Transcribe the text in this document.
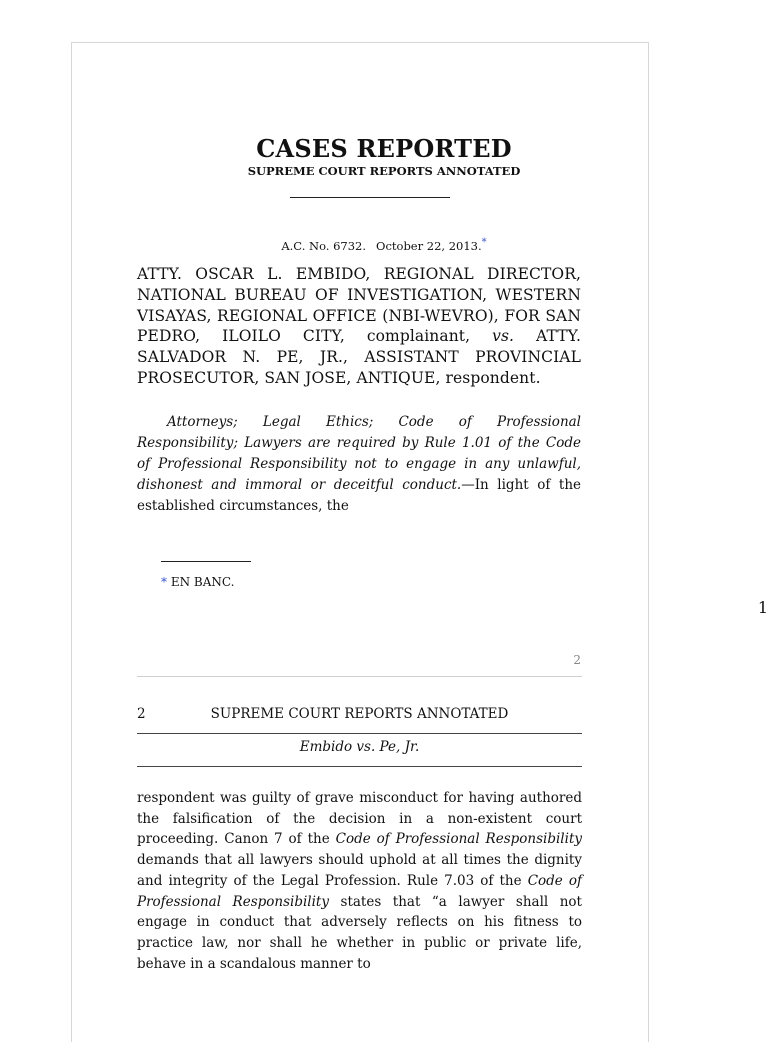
CASES REPORTED
SUPREME COURT REPORTS ANNOTATED
A.C. No. 6732. October 22, 2013.*
ATTY. OSCAR L. EMBIDO, REGIONAL DIRECTOR, NATIONAL BUREAU OF INVESTIGATION, WESTERN VISAYAS, REGIONAL OFFICE (NBI-WEVRO), FOR SAN PEDRO, ILOILO CITY, complainant, vs. ATTY. SALVADOR N. PE, JR., ASSISTANT PROVINCIAL PROSECUTOR, SAN JOSE, ANTIQUE, respondent.
Attorneys; Legal Ethics; Code of Professional Responsibility; Lawyers are required by Rule 1.01 of the Code of Professional Responsibility not to engage in any unlawful, dishonest and immoral or deceitful conduct.—In light of the established circumstances, the
* EN BANC.
1
2
2	SUPREME COURT REPORTS ANNOTATED
Embido vs. Pe, Jr.
respondent was guilty of grave misconduct for having authored the falsification of the decision in a non-existent court proceeding. Canon 7 of the Code of Professional Responsibility demands that all lawyers should uphold at all times the dignity and integrity of the Legal Profession. Rule 7.03 of the Code of Professional Responsibility states that “a lawyer shall not engage in conduct that adversely reflects on his fitness to practice law, nor shall he whether in public or private life, behave in a scandalous manner to
